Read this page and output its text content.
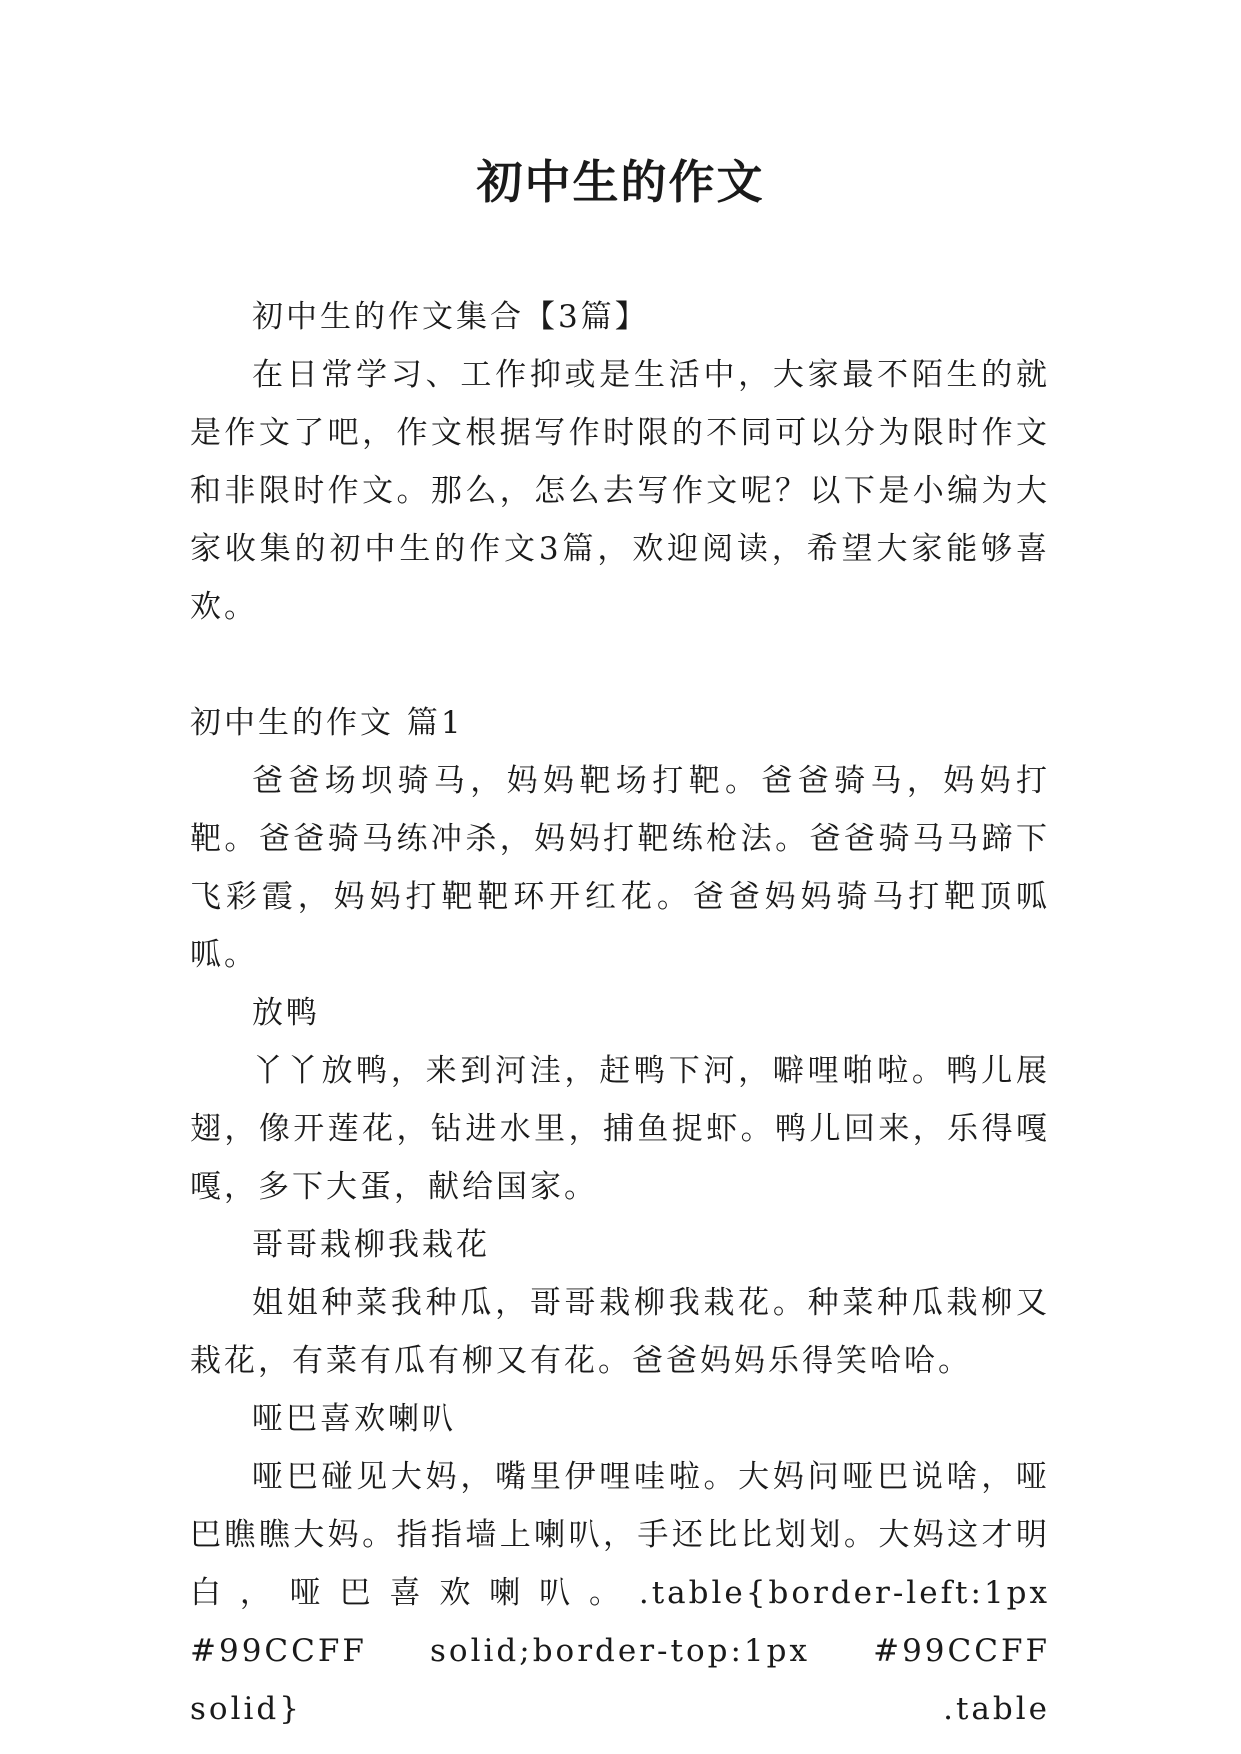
初中生的作文

初中生的作文集合【3篇】

在日常学习、工作抑或是生活中，大家最不陌生的就是作文了吧，作文根据写作时限的不同可以分为限时作文和非限时作文。那么，怎么去写作文呢？以下是小编为大家收集的初中生的作文3篇，欢迎阅读，希望大家能够喜欢。

初中生的作文 篇1

爸爸场坝骑马，妈妈靶场打靶。爸爸骑马，妈妈打靶。爸爸骑马练冲杀，妈妈打靶练枪法。爸爸骑马马蹄下飞彩霞，妈妈打靶靶环开红花。爸爸妈妈骑马打靶顶呱呱。

放鸭

丫丫放鸭，来到河洼，赶鸭下河，噼哩啪啦。鸭儿展翅，像开莲花，钻进水里，捕鱼捉虾。鸭儿回来，乐得嘎嘎，多下大蛋，献给国家。

哥哥栽柳我栽花

姐姐种菜我种瓜，哥哥栽柳我栽花。种菜种瓜栽柳又栽花，有菜有瓜有柳又有花。爸爸妈妈乐得笑哈哈。

哑巴喜欢喇叭

哑巴碰见大妈，嘴里伊哩哇啦。大妈问哑巴说啥，哑巴瞧瞧大妈。指指墙上喇叭，手还比比划划。大妈这才明白，哑巴喜欢喇叭。.table{border-left:1px #99CCFF solid;border-top:1px #99CCFF solid} .table
